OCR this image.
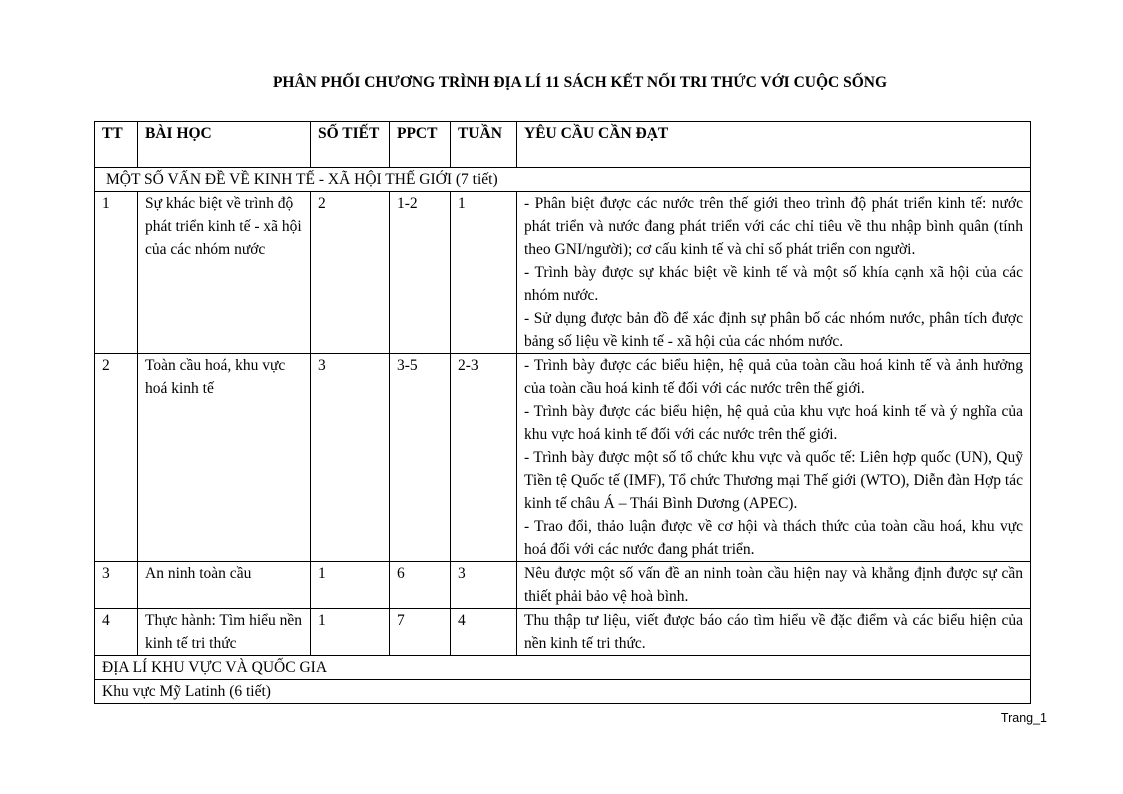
PHÂN PHỐI CHƯƠNG TRÌNH ĐỊA LÍ 11 SÁCH KẾT NỐI TRI THỨC VỚI CUỘC SỐNG
TT	BÀI HỌC	SỐ TIẾT	PPCT	TUẦN	YÊU CẦU CẦN ĐẠT
MỘT SỐ VẤN ĐỀ VỀ KINH TẾ - XÃ HỘI THẾ GIỚI (7 tiết)					
1	Sự khác biệt về trình độ phát triển kinh tế - xã hội của các nhóm nước	2	1-2	1	- Phân biệt được các nước trên thế giới theo trình độ phát triển kinh tế: nước phát triển và nước đang phát triển với các chỉ tiêu về thu nhập bình quân (tính theo GNI/người); cơ cấu kinh tế và chỉ số phát triển con người.
- Trình bày được sự khác biệt về kinh tế và một số khía cạnh xã hội của các nhóm nước.
- Sử dụng được bản đồ để xác định sự phân bố các nhóm nước, phân tích được bảng số liệu về kinh tế - xã hội của các nhóm nước.

2	Toàn cầu hoá, khu vực hoá kinh tế	3	3-5	2-3	- Trình bày được các biểu hiện, hệ quả của toàn cầu hoá kinh tế và ảnh hưởng của toàn cầu hoá kinh tế đối với các nước trên thế giới.
- Trình bày được các biểu hiện, hệ quả của khu vực hoá kinh tế và ý nghĩa của khu vực hoá kinh tế đối với các nước trên thế giới.
- Trình bày được một số tổ chức khu vực và quốc tế: Liên hợp quốc (UN), Quỹ Tiền tệ Quốc tế (IMF), Tổ chức Thương mại Thế giới (WTO), Diễn đàn Hợp tác kinh tế châu Á – Thái Bình Dương (APEC).
- Trao đổi, thảo luận được về cơ hội và thách thức của toàn cầu hoá, khu vực hoá đối với các nước đang phát triển.

3	An ninh toàn cầu	1	6	3	Nêu được một số vấn đề an ninh toàn cầu hiện nay và khẳng định được sự cần thiết phải bảo vệ hoà bình.

4	Thực hành: Tìm hiểu nền kinh tế tri thức	1	7	4	Thu thập tư liệu, viết được báo cáo tìm hiểu về đặc điểm và các biểu hiện của nền kinh tế tri thức.

ĐỊA LÍ KHU VỰC VÀ QUỐC GIA					
Khu vực Mỹ Latinh (6 tiết)					
Trang_1
